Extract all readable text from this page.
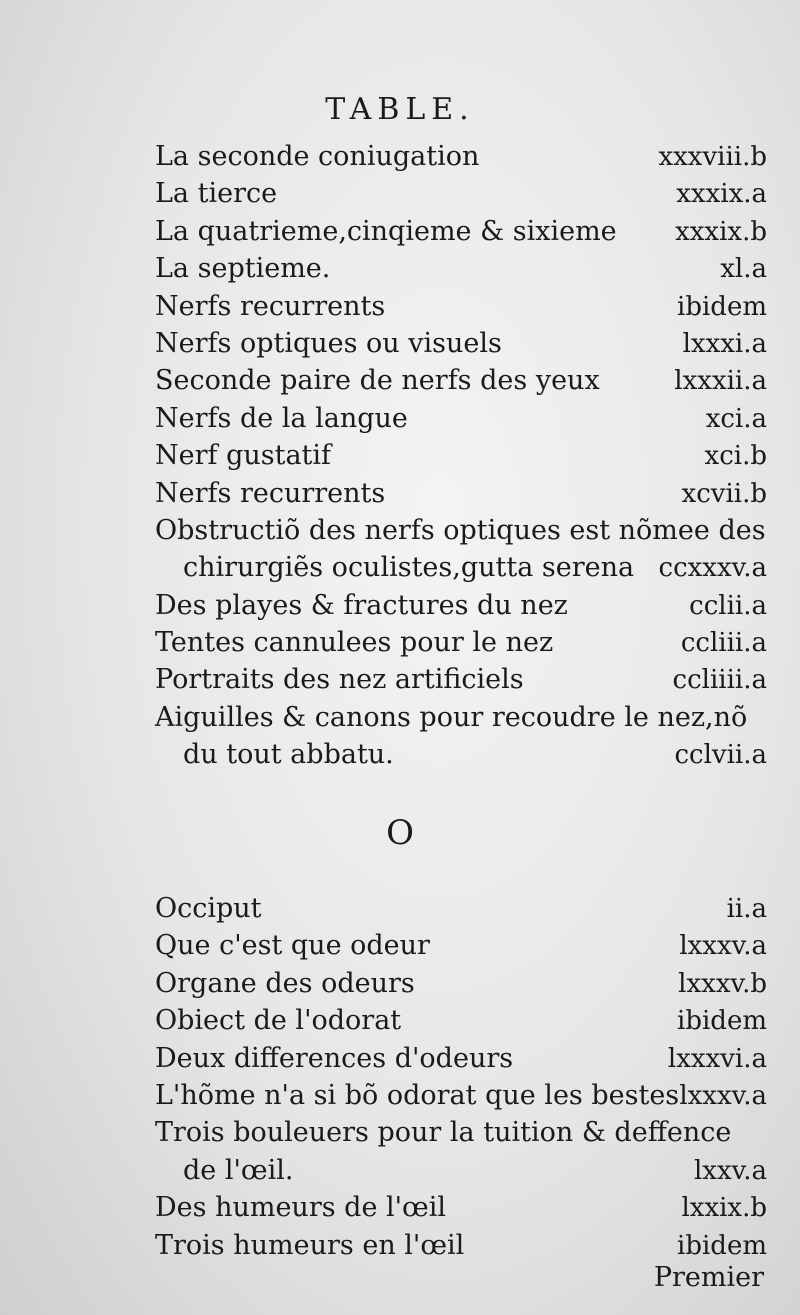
TABLE.
La seconde coniugation	xxxviii.b
La tierce	xxxix.a
La quatrieme,cinqieme & sixieme xxxix.b
La septieme.	xl.a
Nerfs recurrents	ibidem
Nerfs optiques ou visuels	lxxxi.a
Seconde paire de nerfs des yeux	lxxxii.a
Nerfs de la langue	xci.a
Nerf gustatif	xci.b
Nerfs recurrents	xcvii.b
Obstructiõ des nerfs optiques est nõmee des
chirurgiẽs oculistes,gutta serena ccxxxv.a
Des playes & fractures du nez	cclii.a
Tentes cannulees pour le nez	ccliii.a
Portraits des nez artificiels	ccliiii.a
Aiguilles & canons pour recoudre le nez,nõ
du tout abbatu.	cclvii.a
O
Occiput	ii.a
Que c'est que odeur	lxxxv.a
Organe des odeurs	lxxxv.b
Obiect de l'odorat	ibidem
Deux differences d'odeurs	lxxxvi.a
L'hõme n'a si bõ odorat que les bestes lxxxv.a
Trois bouleuers pour la tuition & deffence
de l'œil.	lxxv.a
Des humeurs de l'œil	lxxix.b
Trois humeurs en l'œil	ibidem
Premier
